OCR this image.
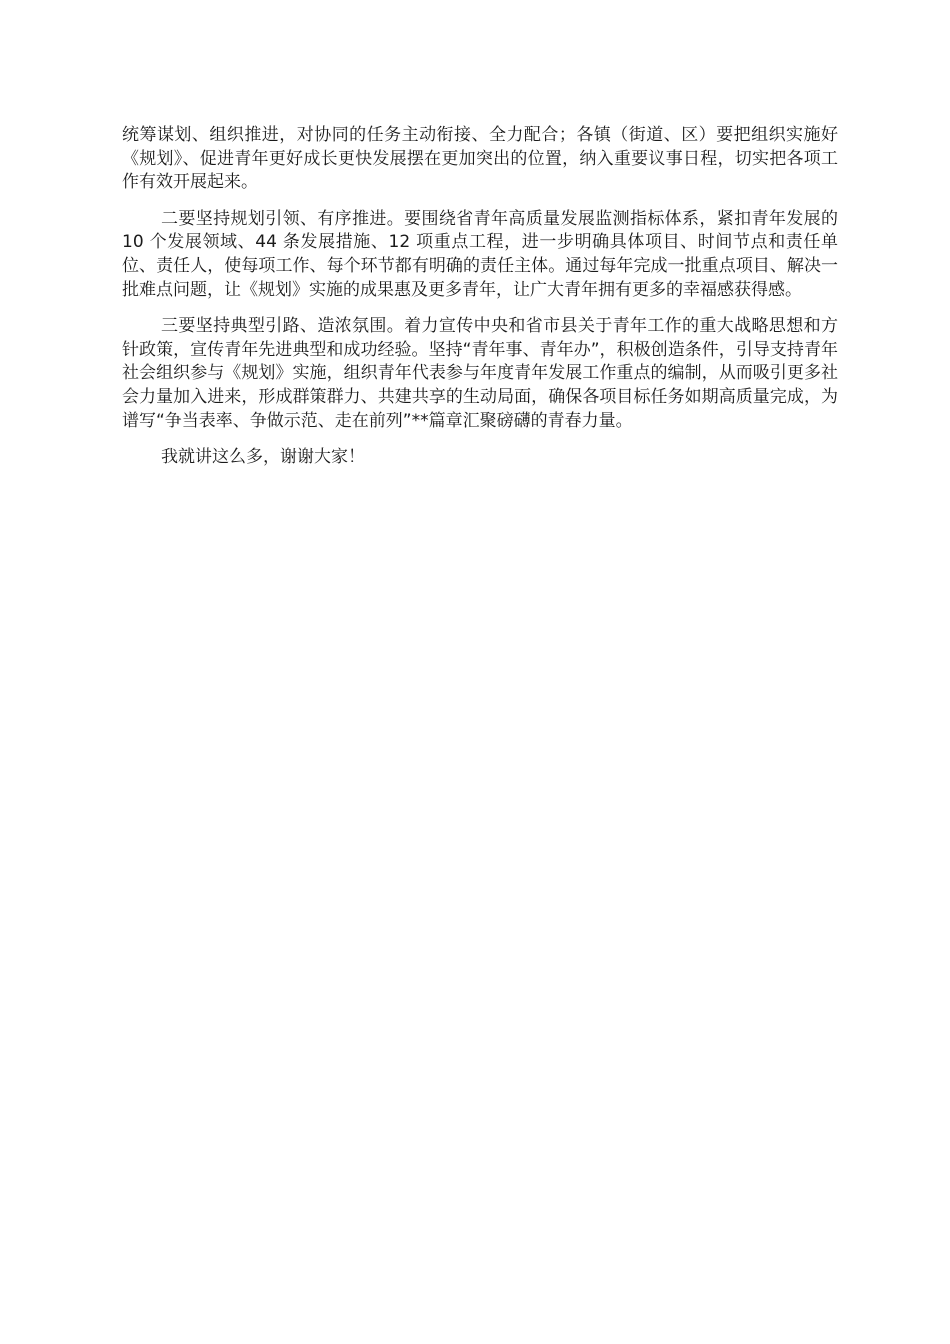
统筹谋划、组织推进，对协同的任务主动衔接、全力配合；各镇（街道、区）要把组织实施好《规划》、促进青年更好成长更快发展摆在更加突出的位置，纳入重要议事日程，切实把各项工作有效开展起来。

二要坚持规划引领、有序推进。要围绕省青年高质量发展监测指标体系，紧扣青年发展的 10 个发展领域、44 条发展措施、12 项重点工程，进一步明确具体项目、时间节点和责任单位、责任人，使每项工作、每个环节都有明确的责任主体。通过每年完成一批重点项目、解决一批难点问题，让《规划》实施的成果惠及更多青年，让广大青年拥有更多的幸福感获得感。

三要坚持典型引路、造浓氛围。着力宣传中央和省市县关于青年工作的重大战略思想和方针政策，宣传青年先进典型和成功经验。坚持“青年事、青年办”，积极创造条件，引导支持青年社会组织参与《规划》实施，组织青年代表参与年度青年发展工作重点的编制，从而吸引更多社会力量加入进来，形成群策群力、共建共享的生动局面，确保各项目标任务如期高质量完成，为谱写“争当表率、争做示范、走在前列”**篇章汇聚磅礴的青春力量。

我就讲这么多，谢谢大家！
